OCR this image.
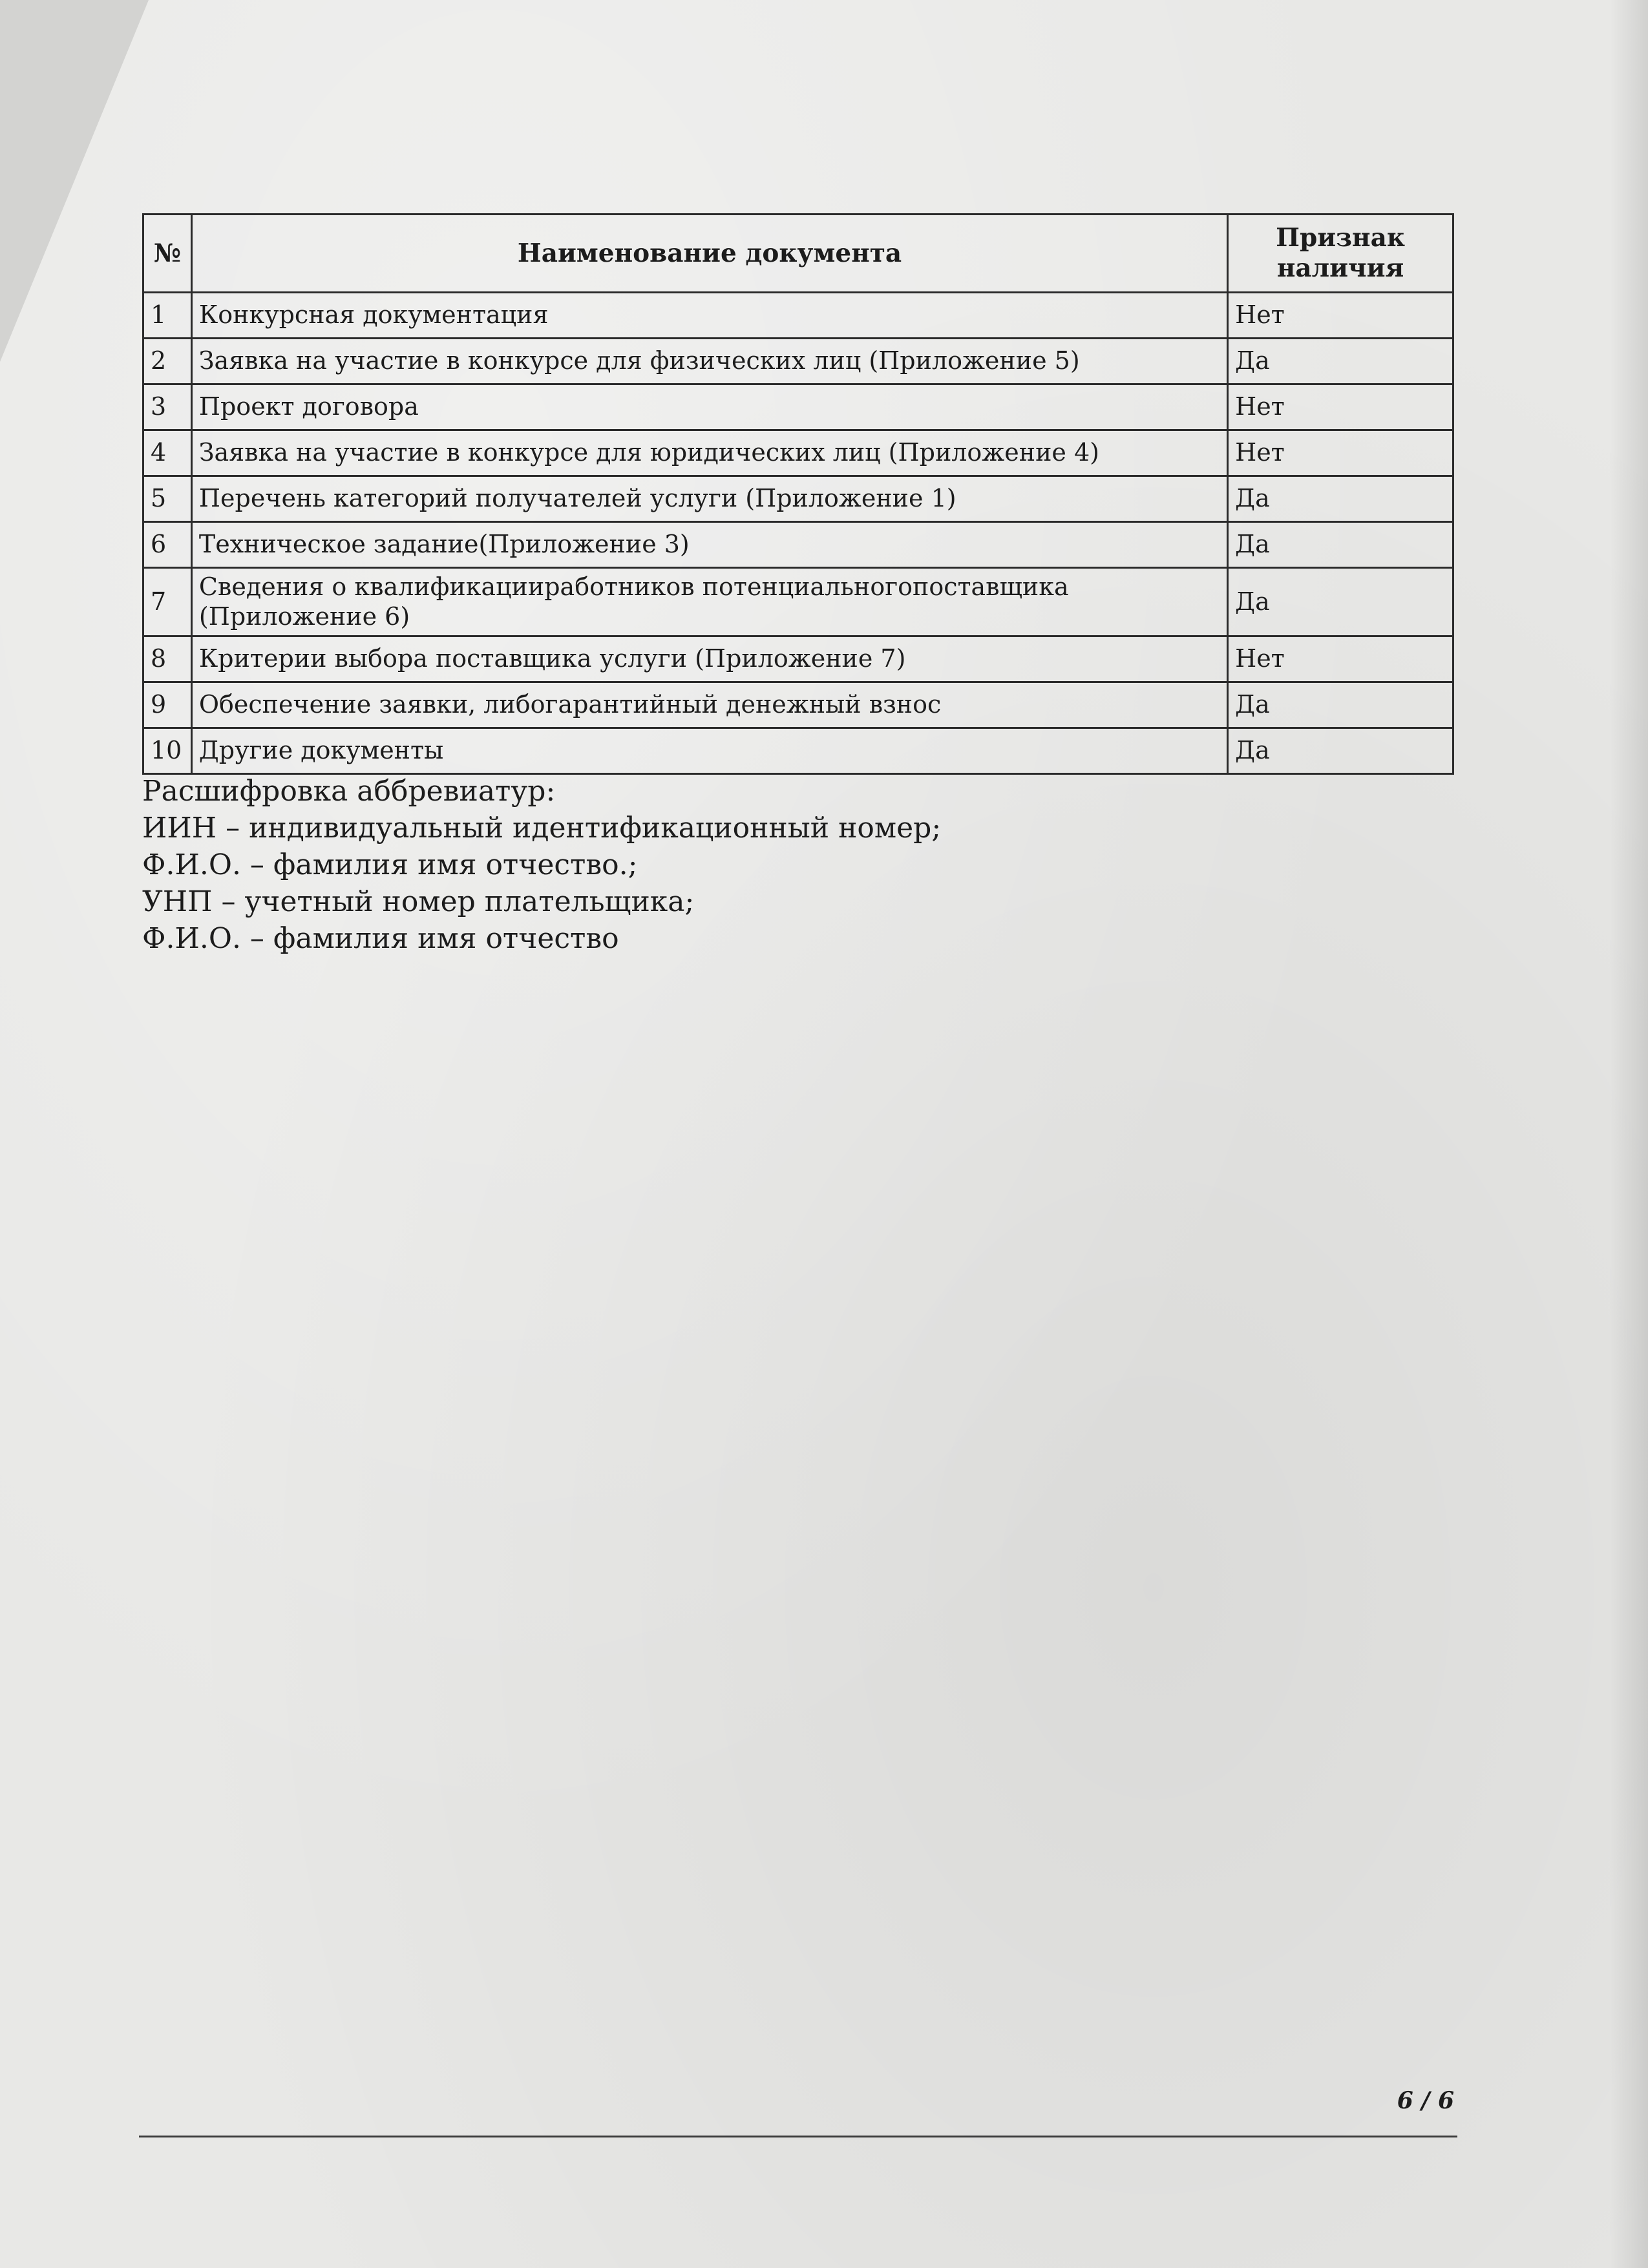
№	Наименование документа	Признак наличия
1	Конкурсная документация	Нет
2	Заявка на участие в конкурсе для физических лиц (Приложение 5)	Да
3	Проект договора	Нет
4	Заявка на участие в конкурсе для юридических лиц (Приложение 4)	Нет
5	Перечень категорий получателей услуги (Приложение 1)	Да
6	Техническое задание(Приложение 3)	Да
7	Сведения о квалификацииработников потенциальногопоставщика (Приложение 6)	Да
8	Критерии выбора поставщика услуги (Приложение 7)	Нет
9	Обеспечение заявки, либогарантийный денежный взнос	Да
10	Другие документы	Да
Расшифровка аббревиатур:
ИИН – индивидуальный идентификационный номер;
Ф.И.О. – фамилия имя отчество.;
УНП – учетный номер плательщика;
Ф.И.О. – фамилия имя отчество
6 / 6
